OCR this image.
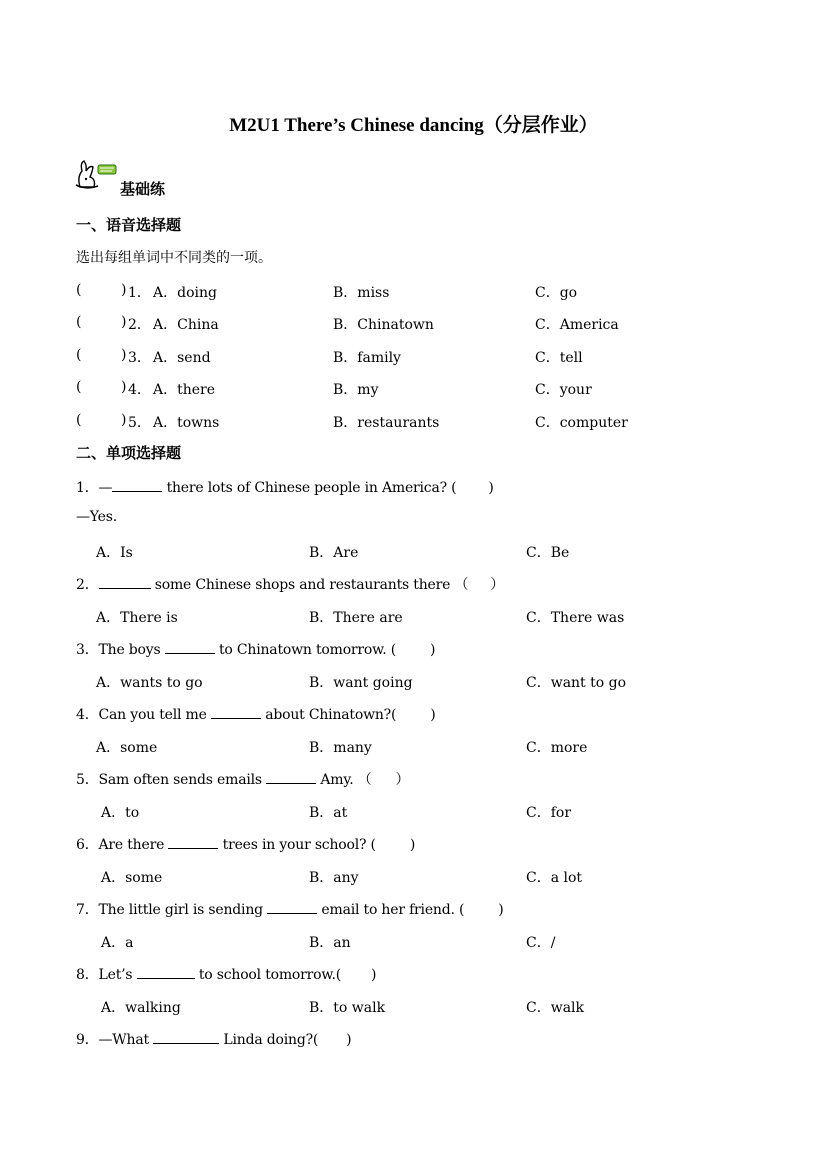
M2U1 There’s Chinese dancing（分层作业）
基础练
一、语音选择题
选出每组单词中不同类的一项。
(	) 1． A．doing	B．miss	C．go
(	) 2． A．China	B．Chinatown	C．America
(	) 3． A．send	B．family	C．tell
(	) 4． A．there	B．my	C．your
(	) 5． A．towns	B．restaurants	C．computer
二、单项选择题
1．—	there lots of Chinese people in America? ( )
—Yes.
A．Is	B．Are	C．Be
2．	some Chinese shops and restaurants there （ ）
A．There is	B．There are	C．There was
3．The boys	to Chinatown tomorrow. ( )
A．wants to go	B．want going	C．want to go
4．Can you tell me	about Chinatown?( )
A．some	B．many	C．more
5．Sam often sends emails	Amy. （ ）
A．to	B．at	C．for
6．Are there	trees in your school? ( )
A．some	B．any	C．a lot
7．The little girl is sending	email to her friend. ( )
A．a	B．an	C．/
8．Let’s	to school tomorrow.( )
A．walking	B．to walk	C．walk
9．—What	Linda doing?( )
